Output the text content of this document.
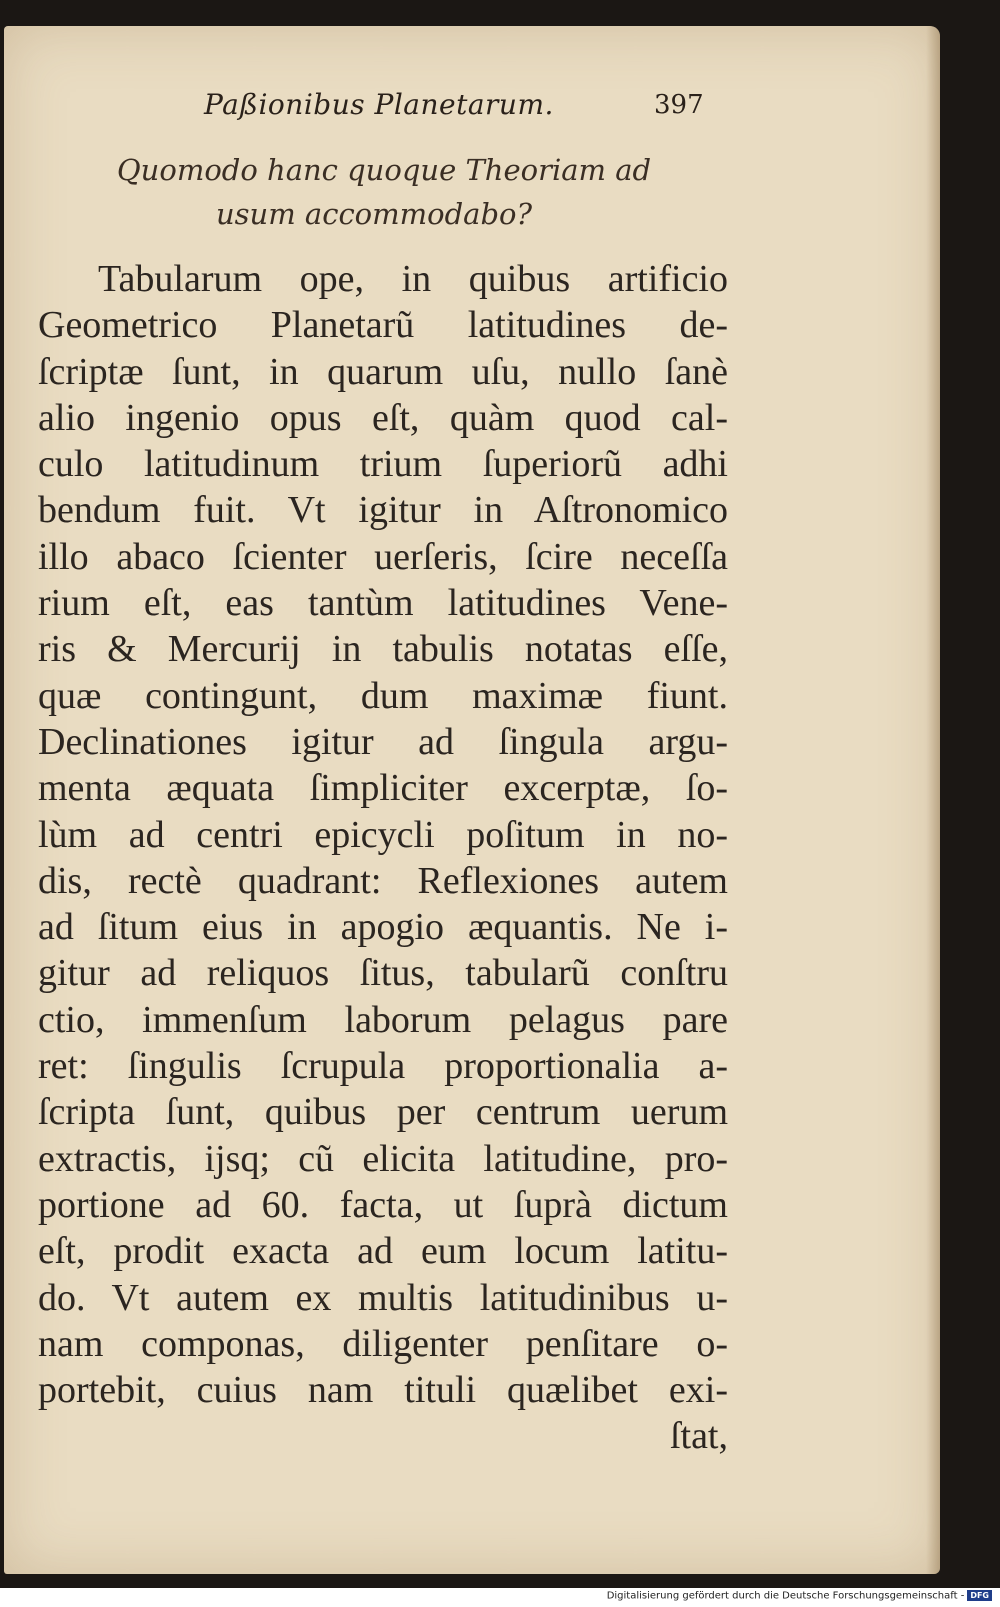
Paßionibus Planetarum.	397
Quomodo hanc quoque Theoriam ad
usum accommodabo?
Tabularum ope, in quibus artificio
Geometrico Planetarũ latitudines de-
ſcriptæ ſunt, in quarum uſu, nullo ſanè
alio ingenio opus eſt, quàm quod cal-
culo latitudinum trium ſuperiorũ adhi
bendum fuit. Vt igitur in Aſtronomico
illo abaco ſcienter uerſeris, ſcire neceſſa
rium eſt, eas tantùm latitudines Vene-
ris & Mercurij in tabulis notatas eſſe,
quæ contingunt, dum maximæ fiunt.
Declinationes igitur ad ſingula argu-
menta æquata ſimpliciter excerptæ, ſo-
lùm ad centri epicycli poſitum in no-
dis, rectè quadrant: Reflexiones autem
ad ſitum eius in apogio æquantis. Ne i-
gitur ad reliquos ſitus, tabularũ conſtru
ctio, immenſum laborum pelagus pare
ret: ſingulis ſcrupula proportionalia a-
ſcripta ſunt, quibus per centrum uerum
extractis, ijsq; cũ elicita latitudine, pro-
portione ad 60. facta, ut ſuprà dictum
eſt, prodit exacta ad eum locum latitu-
do. Vt autem ex multis latitudinibus u-
nam componas, diligenter penſitare o-
portebit, cuius nam tituli quælibet exi-
ſtat,
Digitalisierung gefördert durch die Deutsche Forschungsgemeinschaft - DFG
